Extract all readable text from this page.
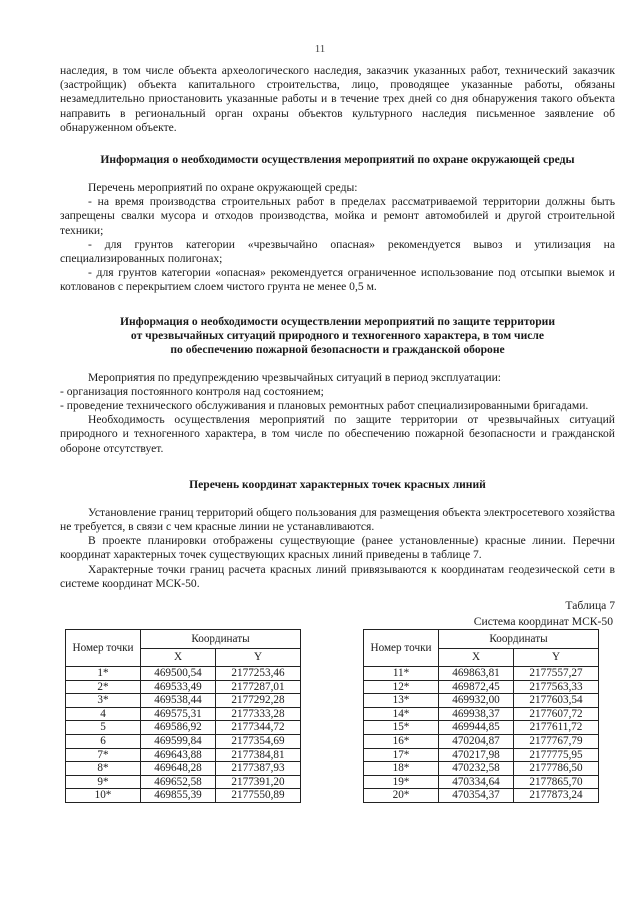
11

наследия, в том числе объекта археологического наследия, заказчик указанных работ, технический заказчик (застройщик) объекта капитального строительства, лицо, проводящее указанные работы, обязаны незамедлительно приостановить указанные работы и в течение трех дней со дня обнаружения такого объекта направить в региональный орган охраны объектов культурного наследия письменное заявление об обнаруженном объекте.

Информация о необходимости осуществления мероприятий по охране окружающей среды

Перечень мероприятий по охране окружающей среды:

- на время производства строительных работ в пределах рассматриваемой территории должны быть запрещены свалки мусора и отходов производства, мойка и ремонт автомобилей и другой строительной техники;

- для грунтов категории «чрезвычайно опасная» рекомендуется вывоз и утилизация на специализированных полигонах;

- для грунтов категории «опасная» рекомендуется ограниченное использование под отсыпки выемок и котлованов с перекрытием слоем чистого грунта не менее 0,5 м.

Информация о необходимости осуществлении мероприятий по защите территории
от чрезвычайных ситуаций природного и техногенного характера, в том числе
по обеспечению пожарной безопасности и гражданской обороне

Мероприятия по предупреждению чрезвычайных ситуаций в период эксплуатации:

- организация постоянного контроля над состоянием;

- проведение технического обслуживания и плановых ремонтных работ специализированными бригадами.

Необходимость осуществления мероприятий по защите территории от чрезвычайных ситуаций природного и техногенного характера, в том числе по обеспечению пожарной безопасности и гражданской обороне отсутствует.

Перечень координат характерных точек красных линий

Установление границ территорий общего пользования для размещения объекта электросетевого хозяйства не требуется, в связи с чем красные линии не устанавливаются.

В проекте планировки отображены существующие (ранее установленные) красные линии. Перечни координат характерных точек существующих красных линий приведены в таблице 7.

Характерные точки границ расчета красных линий привязываются к координатам геодезической сети в системе координат МСК-50.

Таблица 7
Система координат МСК-50
Номер точки	Координаты	
	X	Y
1*	469500,54	2177253,46
2*	469533,49	2177287,01
3*	469538,44	2177292,28
4	469575,31	2177333,28
5	469586,92	2177344,72
6	469599,84	2177354,69
7*	469643,88	2177384,81
8*	469648,28	2177387,93
9*	469652,58	2177391,20
10*	469855,39	2177550,89
Номер точки	Координаты	
	X	Y
11*	469863,81	2177557,27
12*	469872,45	2177563,33
13*	469932,00	2177603,54
14*	469938,37	2177607,72
15*	469944,85	2177611,72
16*	470204,87	2177767,79
17*	470217,98	2177775,95
18*	470232,58	2177786,50
19*	470334,64	2177865,70
20*	470354,37	2177873,24
